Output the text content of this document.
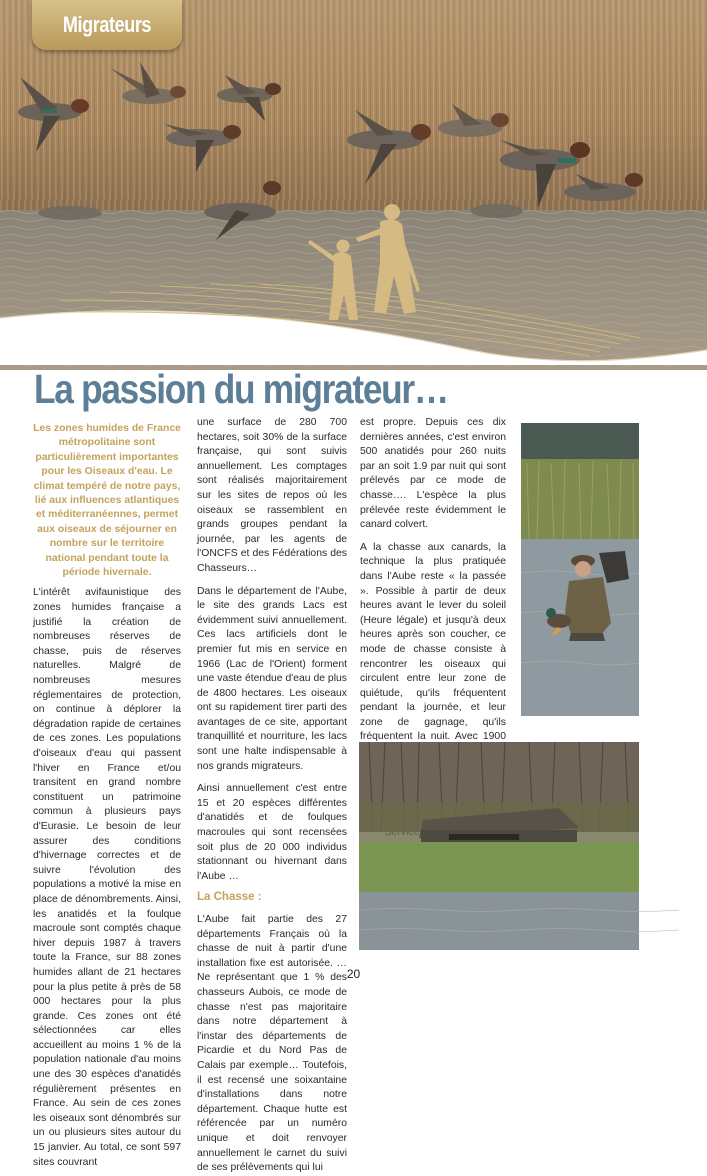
Migrateurs
La passion du migrateur…

Les zones humides de France métropolitaine sont particulièrement importantes pour les Oiseaux d'eau. Le climat tempéré de notre pays, lié aux influences atlantiques et méditerranéennes, permet aux oiseaux de séjourner en nombre sur le territoire national pendant toute la période hivernale.

L'intérêt avifaunistique des zones humides française a justifié la création de nombreuses réserves de chasse, puis de réserves naturelles. Malgré de nombreuses mesures réglementaires de protection, on continue à déplorer la dégradation rapide de certaines de ces zones. Les populations d'oiseaux d'eau qui passent l'hiver en France et/ou transitent en grand nombre constituent un patrimoine commun à plusieurs pays d'Eurasie. Le besoin de leur assurer des conditions d'hivernage correctes et de suivre l'évolution des populations a motivé la mise en place de dénombrements. Ainsi, les anatidés et la foulque macroule sont comptés chaque hiver depuis 1987 à travers toute la France, sur 88 zones humides allant de 21 hectares pour la plus petite à près de 58 000 hectares pour la plus grande. Ces zones ont été sélectionnées car elles accueillent au moins 1 % de la population nationale d'au moins une des 30 espèces d'anatidés régulièrement présentes en France. Au sein de ces zones les oiseaux sont dénombrés sur un ou plusieurs sites autour du 15 janvier. Au total, ce sont 597 sites couvrant

une surface de 280 700 hectares, soit 30% de la surface française, qui sont suivis annuellement. Les comptages sont réalisés majoritairement sur les sites de repos où les oiseaux se rassemblent en grands groupes pendant la journée, par les agents de l'ONCFS et des Fédérations des Chasseurs…

Dans le département de l'Aube, le site des grands Lacs est évidemment suivi annuellement. Ces lacs artificiels dont le premier fut mis en service en 1966 (Lac de l'Orient) forment une vaste étendue d'eau de plus de 4800 hectares. Les oiseaux ont su rapidement tirer parti des avantages de ce site, apportant tranquillité et nourriture, les lacs sont une halte indispensable à nos grands migrateurs.

Ainsi annuellement c'est entre 15 et 20 espèces différentes d'anatidés et de foulques macroules qui sont recensées soit plus de 20 000 individus stationnant ou hivernant dans l'Aube …

La Chasse :

L'Aube fait partie des 27 départements Français où la chasse de nuit à partir d'une installation fixe est autorisée. … Ne représentant que 1 % des chasseurs Aubois, ce mode de chasse n'est pas majoritaire dans notre département à l'instar des départements de Picardie et du Nord Pas de Calais par exemple… Toutefois, il est recensé une soixantaine d'installations dans notre département. Chaque hutte est référencée par un numéro unique et doit renvoyer annuellement le carnet du suivi de ses prélèvements qui lui

est propre. Depuis ces dix dernières années, c'est environ 500 anatidés pour 260 nuits par an soit 1.9 par nuit qui sont prélevés par ce mode de chasse…. L'espèce la plus prélevée reste évidemment le canard colvert.

A la chasse aux canards, la technique la plus pratiquée dans l'Aube reste « la passée ». Possible à partir de deux heures avant le lever du soleil (Heure légale) et jusqu'à deux heures après son coucher, ce mode de chasse consiste à rencontrer les oiseaux qui circulent entre leur zone de quiétude, qu'ils fréquentent pendant la journée, et leur zone de gagnage, qu'ils fréquentent la nuit. Avec 1900

20
